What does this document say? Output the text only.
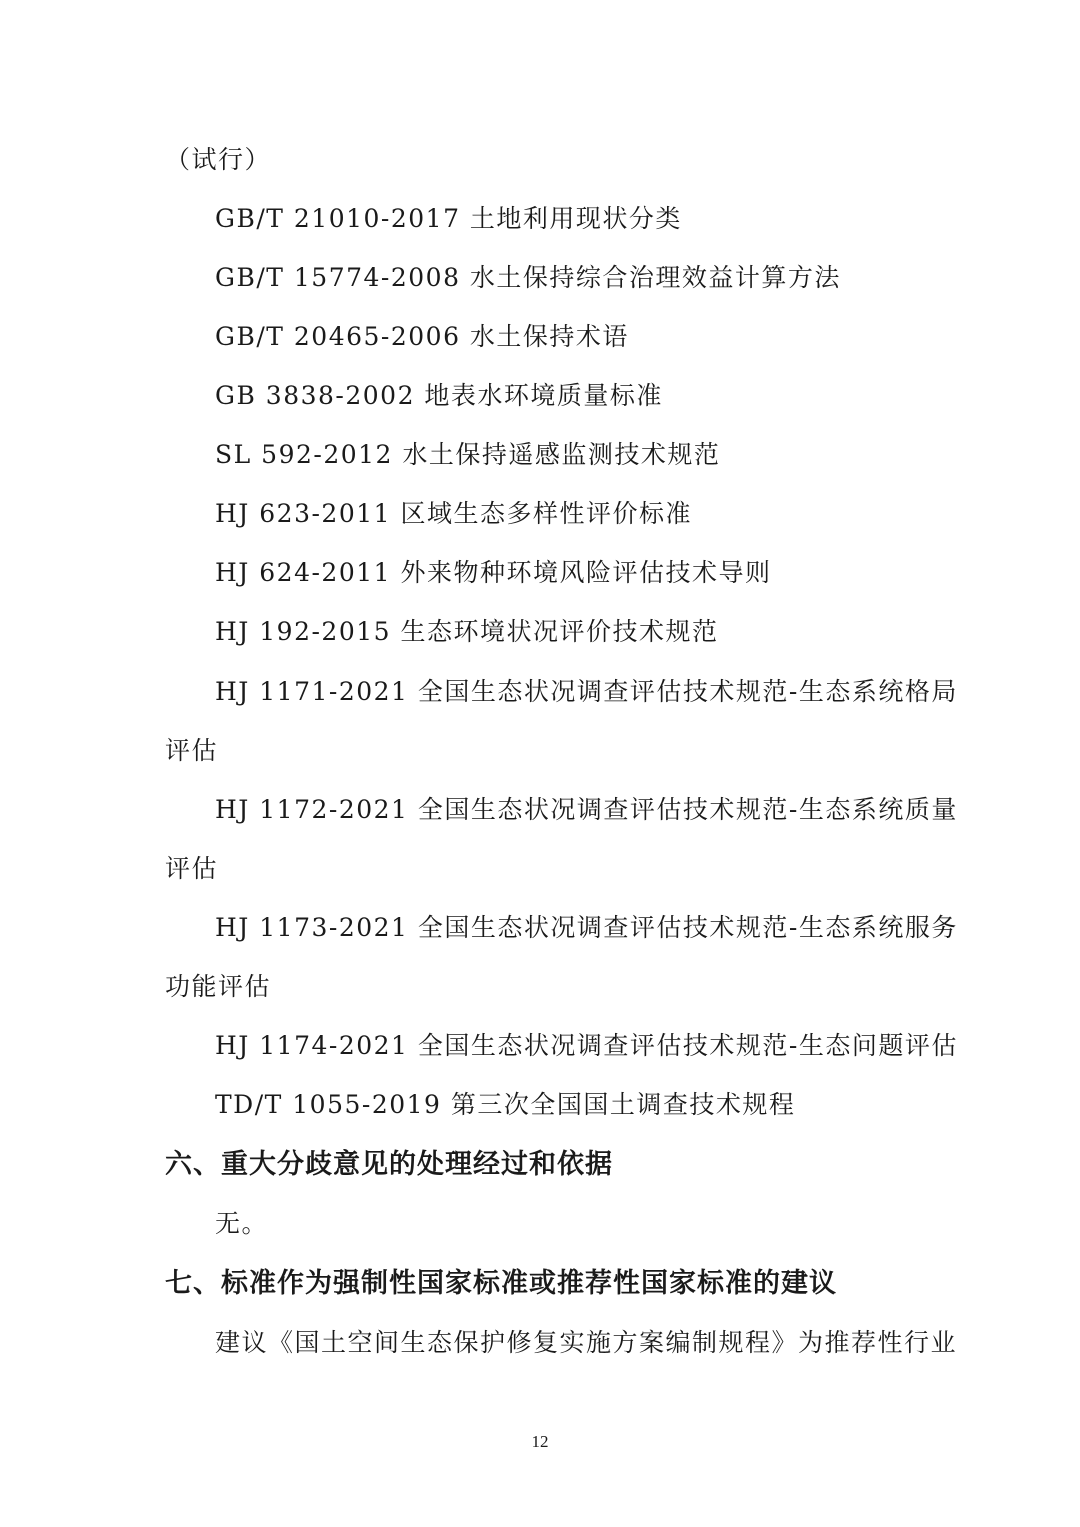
（试行）
GB/T 21010-2017 土地利用现状分类
GB/T 15774-2008 水土保持综合治理效益计算方法
GB/T 20465-2006 水土保持术语
GB 3838-2002 地表水环境质量标准
SL 592-2012 水土保持遥感监测技术规范
HJ 623-2011 区域生态多样性评价标准
HJ 624-2011 外来物种环境风险评估技术导则
HJ 192-2015 生态环境状况评价技术规范
HJ 1171-2021 全国生态状况调查评估技术规范-生态系统格局
评估
HJ 1172-2021 全国生态状况调查评估技术规范-生态系统质量
评估
HJ 1173-2021 全国生态状况调查评估技术规范-生态系统服务
功能评估
HJ 1174-2021 全国生态状况调查评估技术规范-生态问题评估
TD/T 1055-2019 第三次全国国土调查技术规程
六、重大分歧意见的处理经过和依据
无。
七、标准作为强制性国家标准或推荐性国家标准的建议
建议《国土空间生态保护修复实施方案编制规程》为推荐性行业
12
